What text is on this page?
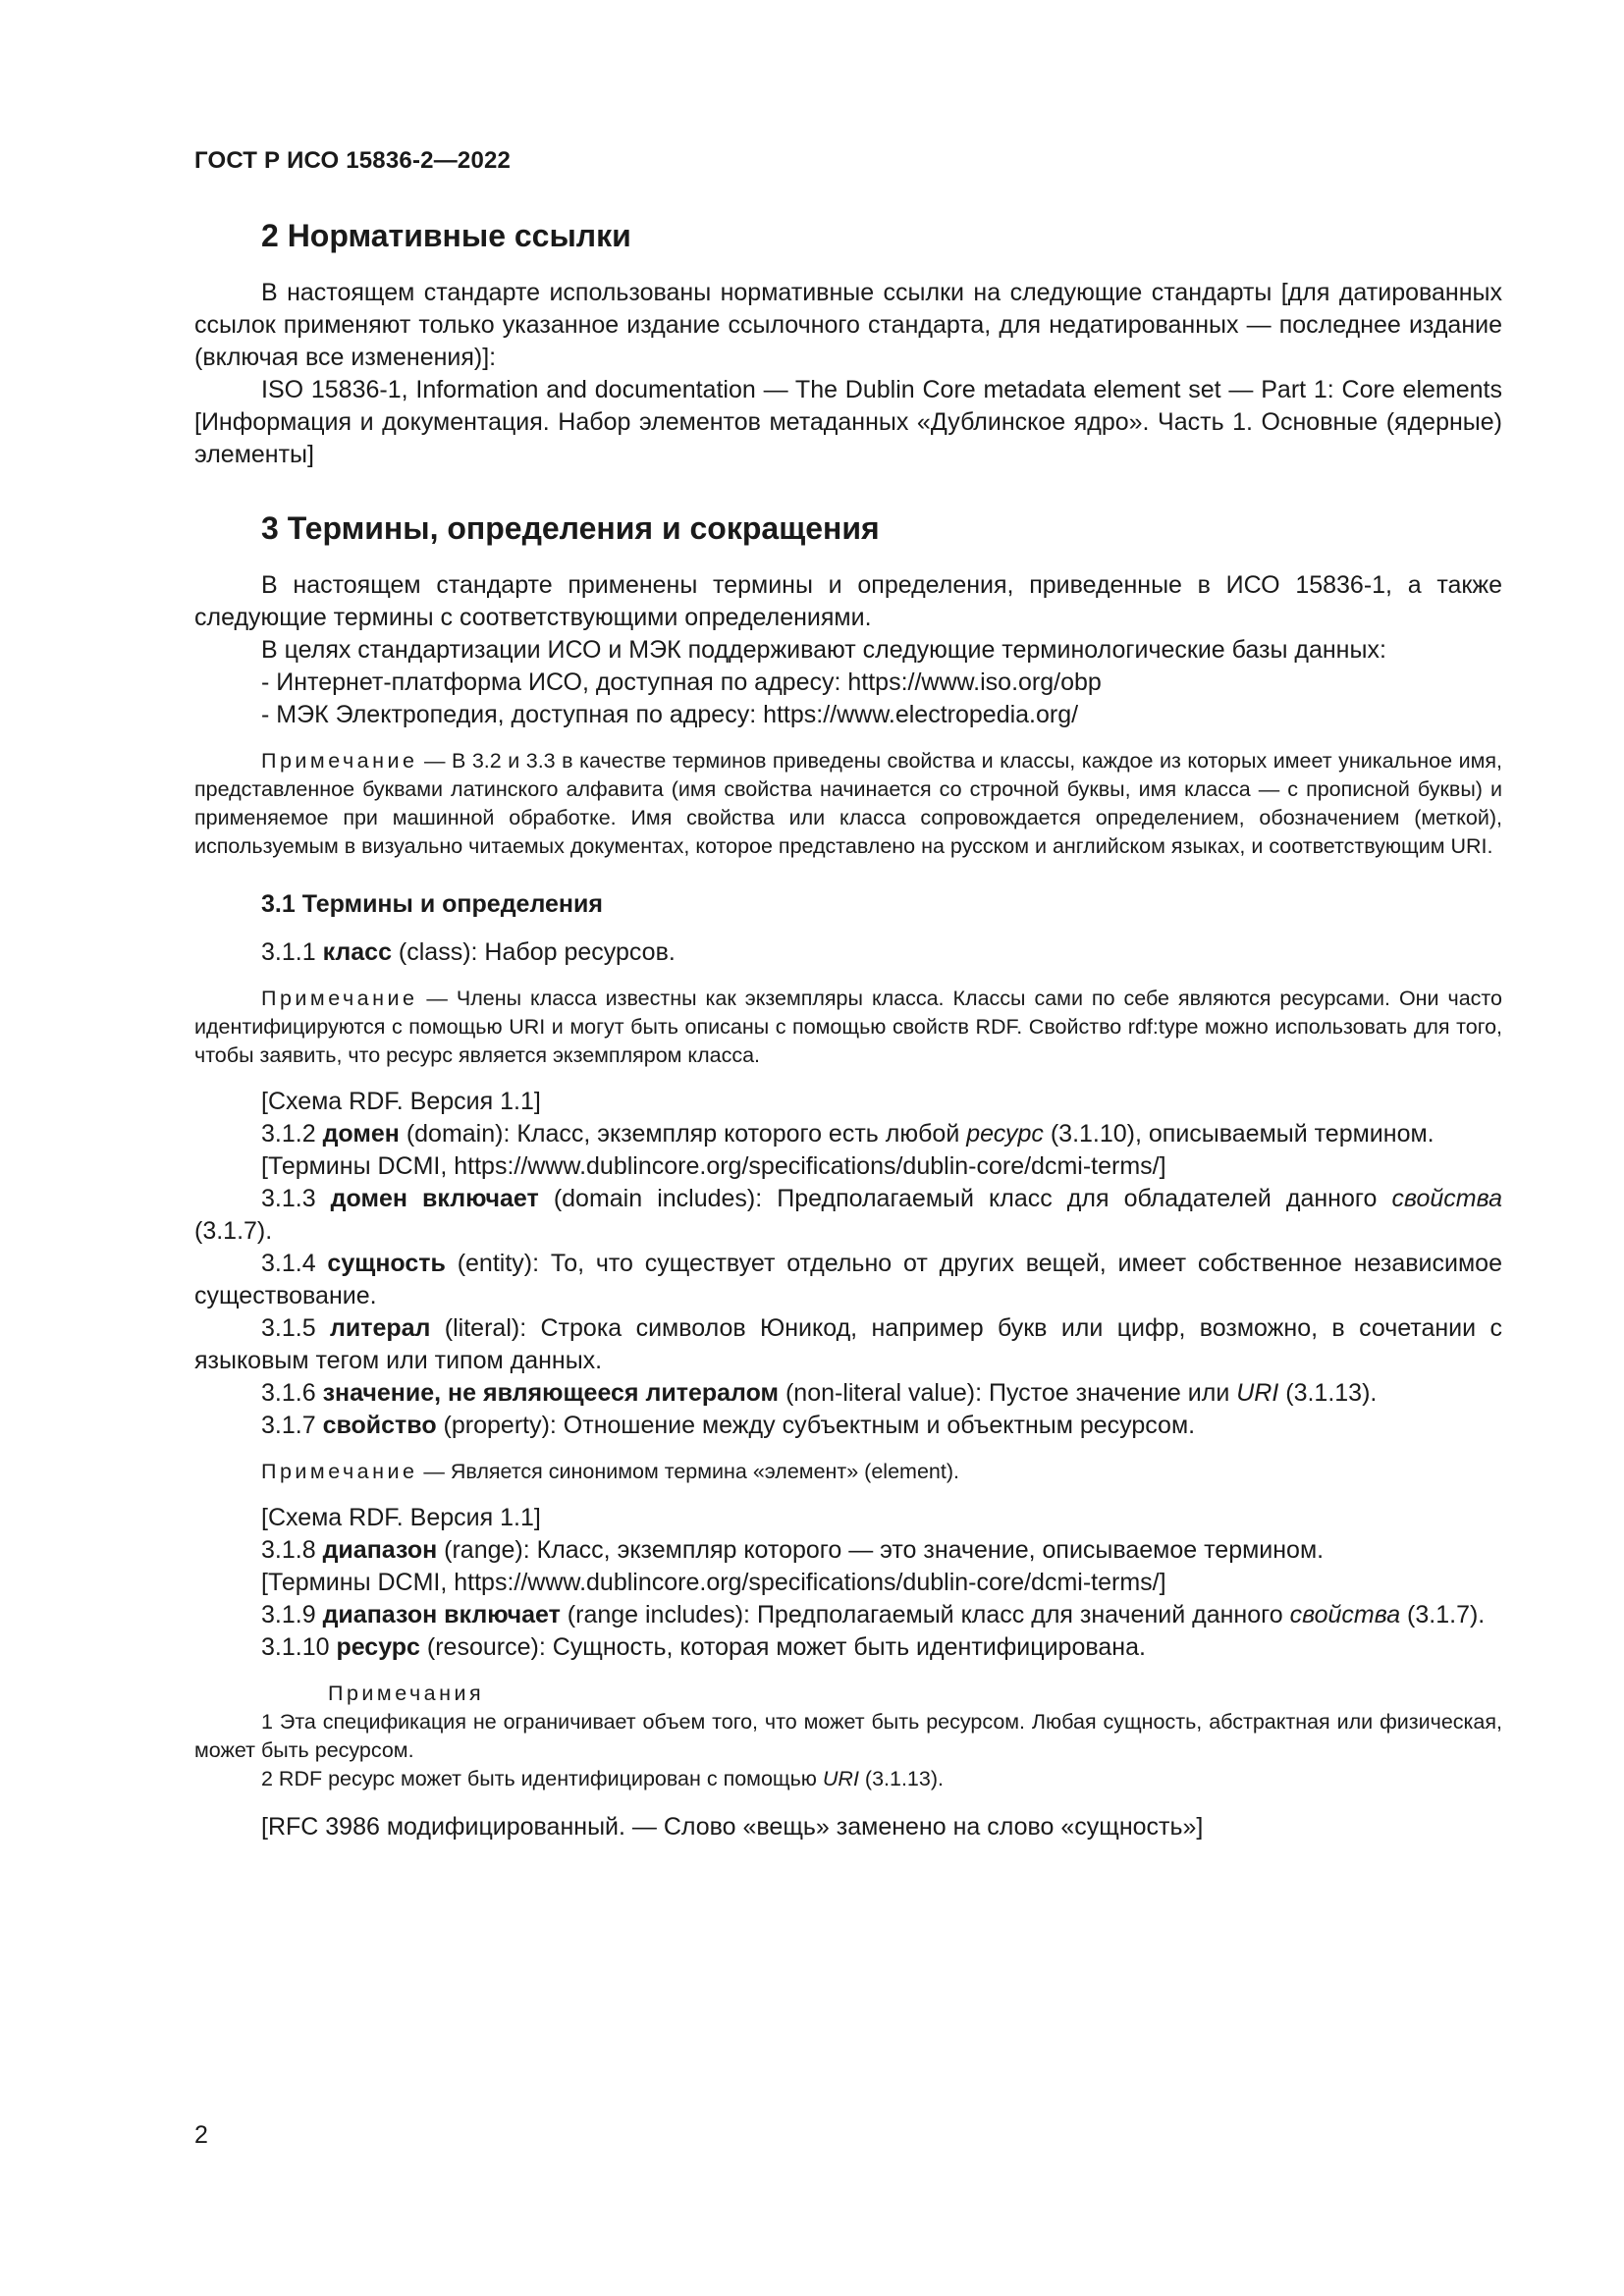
ГОСТ Р ИСО 15836-2—2022
2 Нормативные ссылки
В настоящем стандарте использованы нормативные ссылки на следующие стандарты [для датированных ссылок применяют только указанное издание ссылочного стандарта, для недатированных — последнее издание (включая все изменения)]:
ISO 15836-1, Information and documentation — The Dublin Core metadata element set — Part 1: Core elements [Информация и документация. Набор элементов метаданных «Дублинское ядро». Часть 1. Основные (ядерные) элементы]
3 Термины, определения и сокращения
В настоящем стандарте применены термины и определения, приведенные в ИСО 15836-1, а также следующие термины с соответствующими определениями.
В целях стандартизации ИСО и МЭК поддерживают следующие терминологические базы данных:
- Интернет-платформа ИСО, доступная по адресу: https://www.iso.org/obp
- МЭК Электропедия, доступная по адресу: https://www.electropedia.org/
Примечание — В 3.2 и 3.3 в качестве терминов приведены свойства и классы, каждое из которых имеет уникальное имя, представленное буквами латинского алфавита (имя свойства начинается со строчной буквы, имя класса — с прописной буквы) и применяемое при машинной обработке. Имя свойства или класса сопровождается определением, обозначением (меткой), используемым в визуально читаемых документах, которое представлено на русском и английском языках, и соответствующим URI.
3.1 Термины и определения
3.1.1 класс (class): Набор ресурсов.
Примечание — Члены класса известны как экземпляры класса. Классы сами по себе являются ресурсами. Они часто идентифицируются с помощью URI и могут быть описаны с помощью свойств RDF. Свойство rdf:type можно использовать для того, чтобы заявить, что ресурс является экземпляром класса.
[Схема RDF. Версия 1.1]
3.1.2 домен (domain): Класс, экземпляр которого есть любой ресурс (3.1.10), описываемый термином.
[Термины DCMI, https://www.dublincore.org/specifications/dublin-core/dcmi-terms/]
3.1.3 домен включает (domain includes): Предполагаемый класс для обладателей данного свойства (3.1.7).
3.1.4 сущность (entity): То, что существует отдельно от других вещей, имеет собственное независимое существование.
3.1.5 литерал (literal): Строка символов Юникод, например букв или цифр, возможно, в сочетании с языковым тегом или типом данных.
3.1.6 значение, не являющееся литералом (non-literal value): Пустое значение или URI (3.1.13).
3.1.7 свойство (property): Отношение между субъектным и объектным ресурсом.
Примечание — Является синонимом термина «элемент» (element).
[Схема RDF. Версия 1.1]
3.1.8 диапазон (range): Класс, экземпляр которого — это значение, описываемое термином.
[Термины DCMI, https://www.dublincore.org/specifications/dublin-core/dcmi-terms/]
3.1.9 диапазон включает (range includes): Предполагаемый класс для значений данного свойства (3.1.7).
3.1.10 ресурс (resource): Сущность, которая может быть идентифицирована.
Примечания
1 Эта спецификация не ограничивает объем того, что может быть ресурсом. Любая сущность, абстрактная или физическая, может быть ресурсом.
2 RDF ресурс может быть идентифицирован с помощью URI (3.1.13).
[RFC 3986 модифицированный. — Слово «вещь» заменено на слово «сущность»]
2
